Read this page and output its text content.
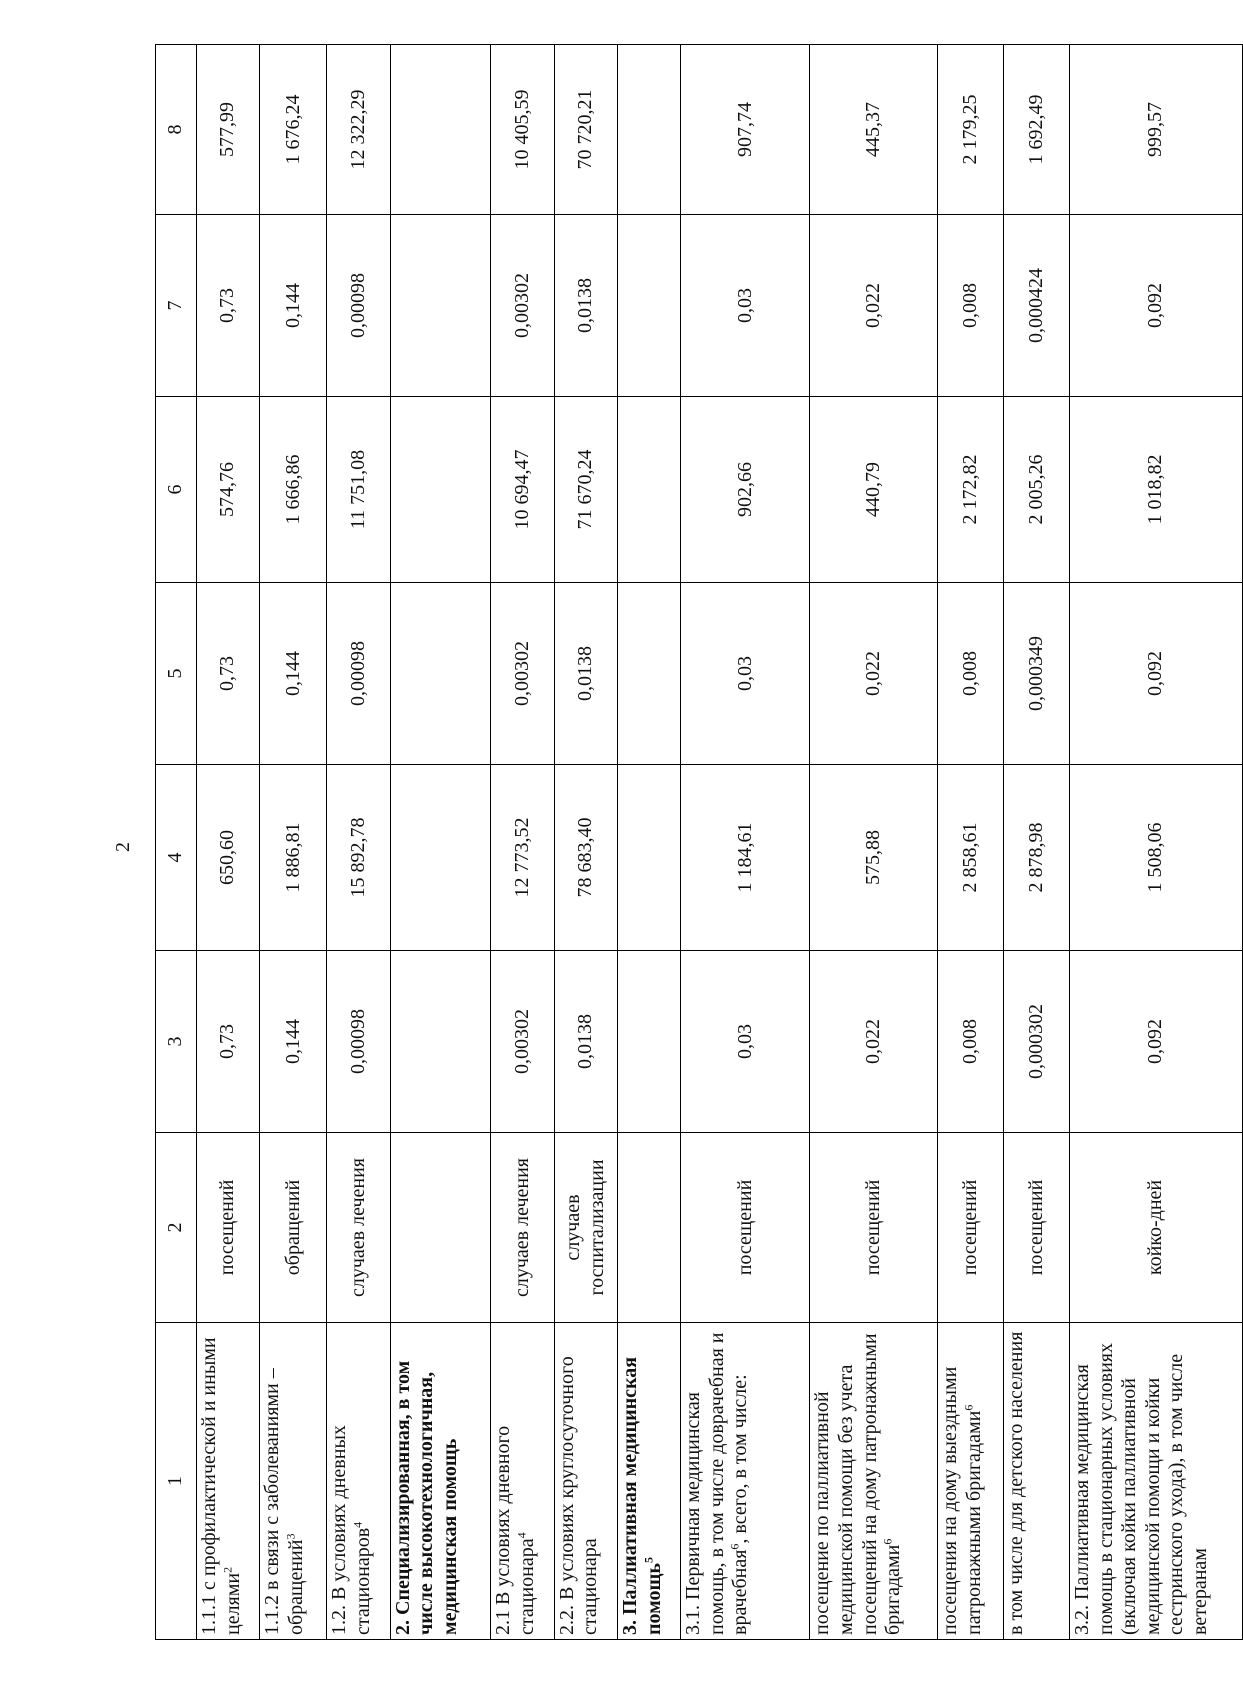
2
1	2	3	4	5	6	7	8
1.1.1 с профилактической и иными целями$^2$	посещений	0,73	650,60	0,73	574,76	0,73	577,99
1.1.2 в связи с заболеваниями – обращений$^3$	обращений	0,144	1 886,81	0,144	1 666,86	0,144	1 676,24
1.2. В условиях дневных стационаров$^4$	случаев лечения	0,00098	15 892,78	0,00098	11 751,08	0,00098	12 322,29
2. Специализированная, в том числе высокотехнологичная, медицинская помощь							
2.1 В условиях дневного стационара$^4$	случаев лечения	0,00302	12 773,52	0,00302	10 694,47	0,00302	10 405,59
2.2. В условиях круглосуточного стационара	случаев госпитализации	0,0138	78 683,40	0,0138	71 670,24	0,0138	70 720,21
3. Паллиативная медицинская помощь$^5$							
3.1. Первичная медицинская помощь, в том числе доврачебная и врачебная$^6$, всего, в том числе:	посещений	0,03	1 184,61	0,03	902,66	0,03	907,74
посещение по паллиативной медицинской помощи без учета посещений на дому патронажными бригадами$^6$	посещений	0,022	575,88	0,022	440,79	0,022	445,37
посещения на дому выездными патронажными бригадами$^6$	посещений	0,008	2 858,61	0,008	2 172,82	0,008	2 179,25
в том числе для детского населения	посещений	0,000302	2 878,98	0,000349	2 005,26	0,000424	1 692,49
3.2. Паллиативная медицинская помощь в стационарных условиях (включая койки паллиативной медицинской помощи и койки сестринского ухода), в том числе ветеранам	койко-дней	0,092	1 508,06	0,092	1 018,82	0,092	999,57
